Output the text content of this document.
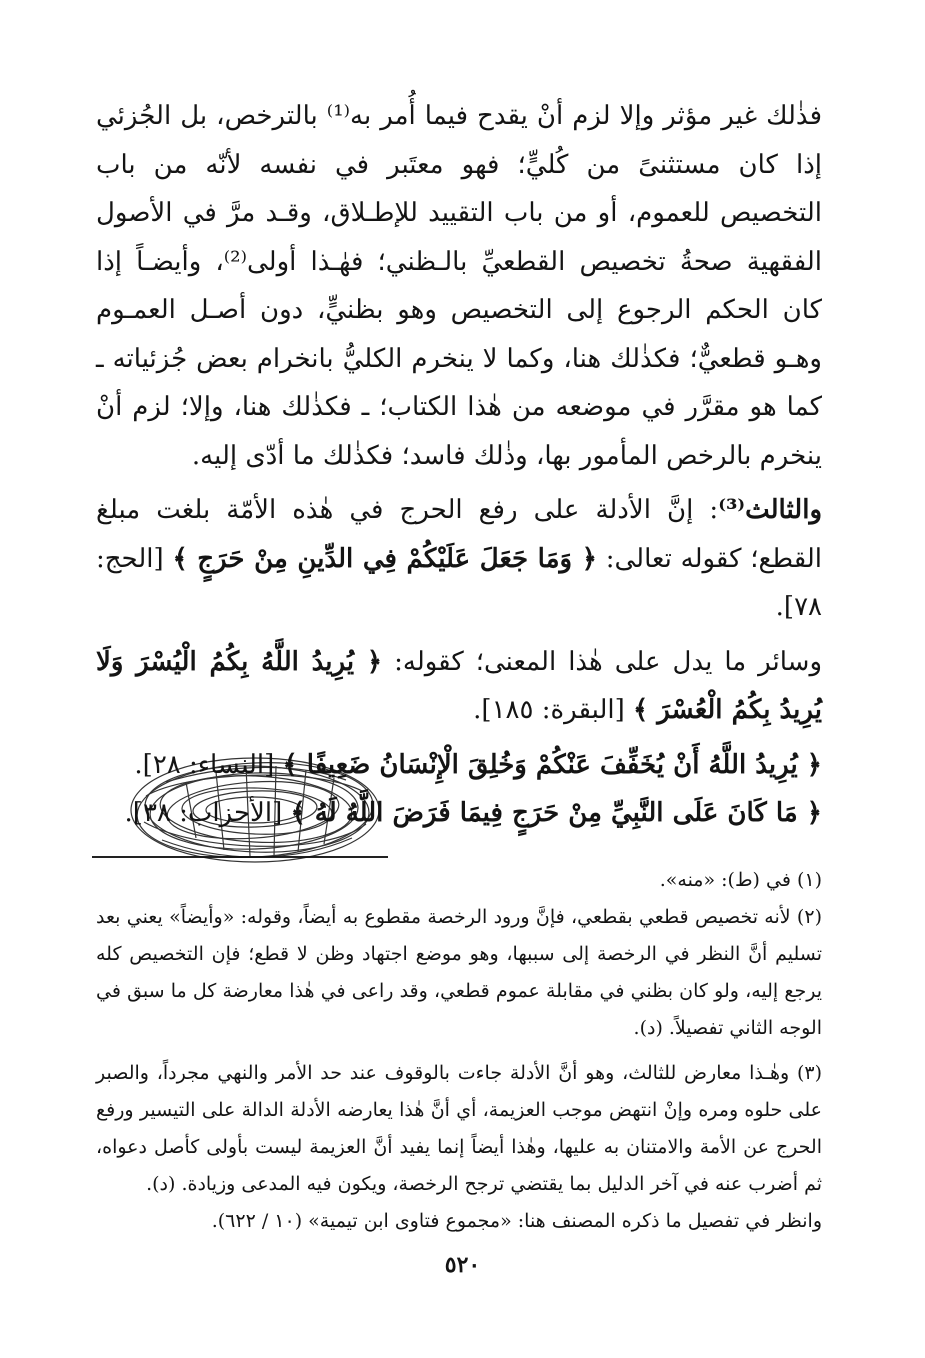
فذٰلك غير مؤثر وإلا لزم أنْ يقدح فيما أُمر به⁽¹⁾ بالترخص، بل الجُزئي إذا كان مستثنىً من كُليٍّ؛ فهو معتَبر في نفسه لأنّه من باب التخصيص للعموم، أو من باب التقييد للإطـلاق، وقـد مرَّ في الأصول الفقهية صحةُ تخصيص القطعيِّ بالـظني؛ فهٰـذا أولى⁽²⁾، وأيضـاً إذا كان الحكم الرجوع إلى التخصيص وهو بظنيٍّ، دون أصـل العمـوم وهـو قطعيٌّ؛ فكذٰلك هنا، وكما لا ينخرم الكليُّ بانخرام بعض جُزئياته ـ كما هو مقرَّر في موضعه من هٰذا الكتاب؛ ـ فكذٰلك هنا، وإلا؛ لزم أنْ ينخرم بالرخص المأمور بها، وذٰلك فاسد؛ فكذٰلك ما أدّى إليه.

والثالث⁽³⁾: إنَّ الأدلة على رفع الحرج في هٰذه الأمّة بلغت مبلغ القطع؛ كقوله تعالى: ﴿ وَمَا جَعَلَ عَلَيْكُمْ فِي الدِّينِ مِنْ حَرَجٍ ﴾ [الحج: ٧٨].

وسائر ما يدل على هٰذا المعنى؛ كقوله: ﴿ يُرِيدُ اللَّهُ بِكُمُ الْيُسْرَ وَلَا يُرِيدُ بِكُمُ الْعُسْرَ ﴾ [البقرة: ١٨٥].

﴿ يُرِيدُ اللَّهُ أَنْ يُخَفِّفَ عَنْكُمْ وَخُلِقَ الْإِنْسَانُ ضَعِيفًا ﴾ [النساء: ٢٨].

﴿ مَا كَانَ عَلَى النَّبِيِّ مِنْ حَرَجٍ فِيمَا فَرَضَ اللَّهُ لَهُ ﴾ [الأحزاب: ٣٨].

(١) في (ط): «منه».

(٢) لأنه تخصيص قطعي بقطعي، فإنَّ ورود الرخصة مقطوع به أيضاً، وقوله: «وأيضاً» يعني بعد تسليم أنَّ النظر في الرخصة إلى سببها، وهو موضع اجتهاد وظن لا قطع؛ فإن التخصيص كله يرجع إليه، ولو كان بظني في مقابلة عموم قطعي، وقد راعى في هٰذا معارضة كل ما سبق في الوجه الثاني تفصيلاً. (د).

(٣) وهٰـذا معارض للثالث، وهو أنَّ الأدلة جاءت بالوقوف عند حد الأمر والنهي مجرداً، والصبر على حلوه ومره وإنْ انتهض موجب العزيمة، أي أنَّ هٰذا يعارضه الأدلة الدالة على التيسير ورفع الحرج عن الأمة والامتنان به عليها، وهٰذا أيضاً إنما يفيد أنَّ العزيمة ليست بأولى كأصل دعواه، ثم أضرب عنه في آخر الدليل بما يقتضي ترجح الرخصة، ويكون فيه المدعى وزيادة. (د).

وانظر في تفصيل ما ذكره المصنف هنا: «مجموع فتاوى ابن تيمية» (١٠ / ٦٢٢).

٥٢٠
